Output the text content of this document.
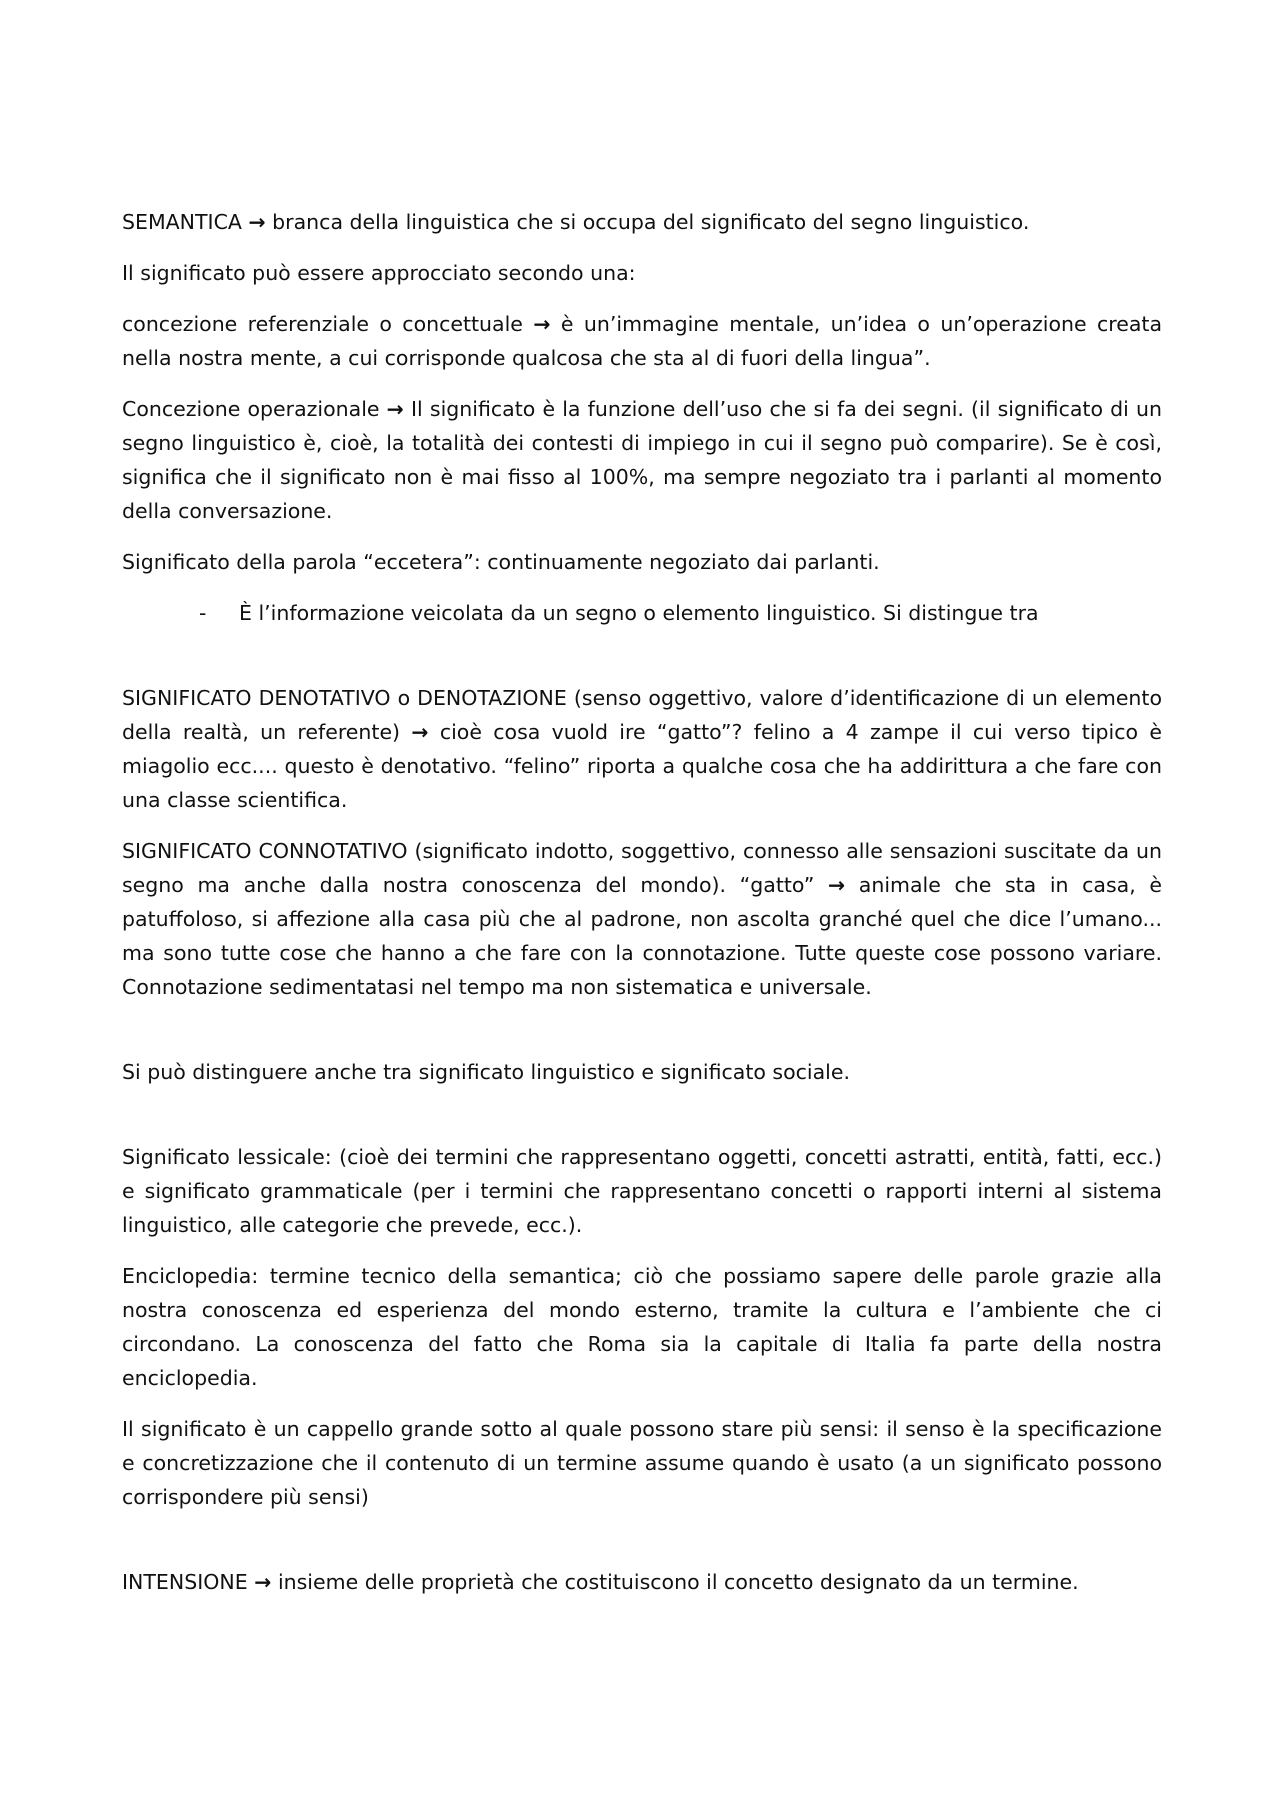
SEMANTICA → branca della linguistica che si occupa del significato del segno linguistico.

Il significato può essere approcciato secondo una:

concezione referenziale o concettuale → è un’immagine mentale, un’idea o un’operazione creata nella nostra mente, a cui corrisponde qualcosa che sta al di fuori della lingua”.

Concezione operazionale → Il significato è la funzione dell’uso che si fa dei segni. (il significato di un segno linguistico è, cioè, la totalità dei contesti di impiego in cui il segno può comparire). Se è così, significa che il significato non è mai fisso al 100%, ma sempre negoziato tra i parlanti al momento della conversazione.

Significato della parola “eccetera”: continuamente negoziato dai parlanti.

- È l’informazione veicolata da un segno o elemento linguistico. Si distingue tra

SIGNIFICATO DENOTATIVO o DENOTAZIONE (senso oggettivo, valore d’identificazione di un elemento della realtà, un referente) → cioè cosa vuold ire “gatto”? felino a 4 zampe il cui verso tipico è miagolio ecc.... questo è denotativo. “felino” riporta a qualche cosa che ha addirittura a che fare con una classe scientifica.

SIGNIFICATO CONNOTATIVO (significato indotto, soggettivo, connesso alle sensazioni suscitate da un segno ma anche dalla nostra conoscenza del mondo). “gatto” → animale che sta in casa, è patuffoloso, si affezione alla casa più che al padrone, non ascolta granché quel che dice l’umano... ma sono tutte cose che hanno a che fare con la connotazione. Tutte queste cose possono variare. Connotazione sedimentatasi nel tempo ma non sistematica e universale.

Si può distinguere anche tra significato linguistico e significato sociale.

Significato lessicale: (cioè dei termini che rappresentano oggetti, concetti astratti, entità, fatti, ecc.) e significato grammaticale (per i termini che rappresentano concetti o rapporti interni al sistema linguistico, alle categorie che prevede, ecc.).

Enciclopedia: termine tecnico della semantica; ciò che possiamo sapere delle parole grazie alla nostra conoscenza ed esperienza del mondo esterno, tramite la cultura e l’ambiente che ci circondano. La conoscenza del fatto che Roma sia la capitale di Italia fa parte della nostra enciclopedia.

Il significato è un cappello grande sotto al quale possono stare più sensi: il senso è la specificazione e concretizzazione che il contenuto di un termine assume quando è usato (a un significato possono corrispondere più sensi)

INTENSIONE → insieme delle proprietà che costituiscono il concetto designato da un termine.
